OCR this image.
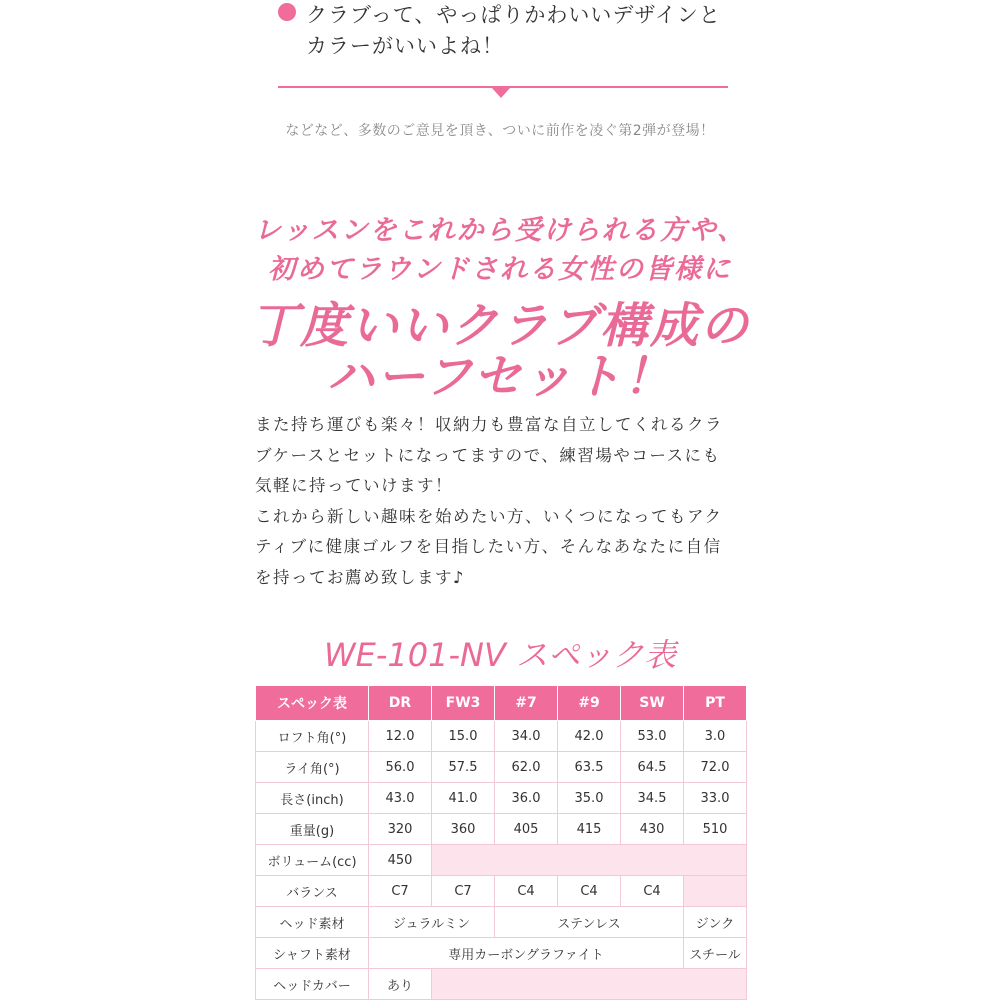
クラブって、やっぱりかわいいデザインと
カラーがいいよね！
などなど、多数のご意見を頂き、ついに前作を凌ぐ第2弾が登場！
レッスンをこれから受けられる方や、
初めてラウンドされる女性の皆様に
丁度いいクラブ構成の
ハーフセット！

また持ち運びも楽々！収納力も豊富な自立してくれるクラ

ブケースとセットになってますので、練習場やコースにも

気軽に持っていけます！

これから新しい趣味を始めたい方、いくつになってもアク

ティブに健康ゴルフを目指したい方、そんなあなたに自信

を持ってお薦め致します♪

WE-101-NV スペック表
スペック表	DR	FW3	#7	#9	SW	PT
ロフト角(°)	12.0	15.0	34.0	42.0	53.0	3.0
ライ角(°)	56.0	57.5	62.0	63.5	64.5	72.0
長さ(inch)	43.0	41.0	36.0	35.0	34.5	33.0
重量(g)	320	360	405	415	430	510
ボリューム(cc)	450					
バランス	C7	C7	C4	C4	C4	
ヘッド素材	ジュラルミン		ステンレス			ジンク
シャフト素材	専用カーボングラファイト					スチール
ヘッドカバー	あり					
